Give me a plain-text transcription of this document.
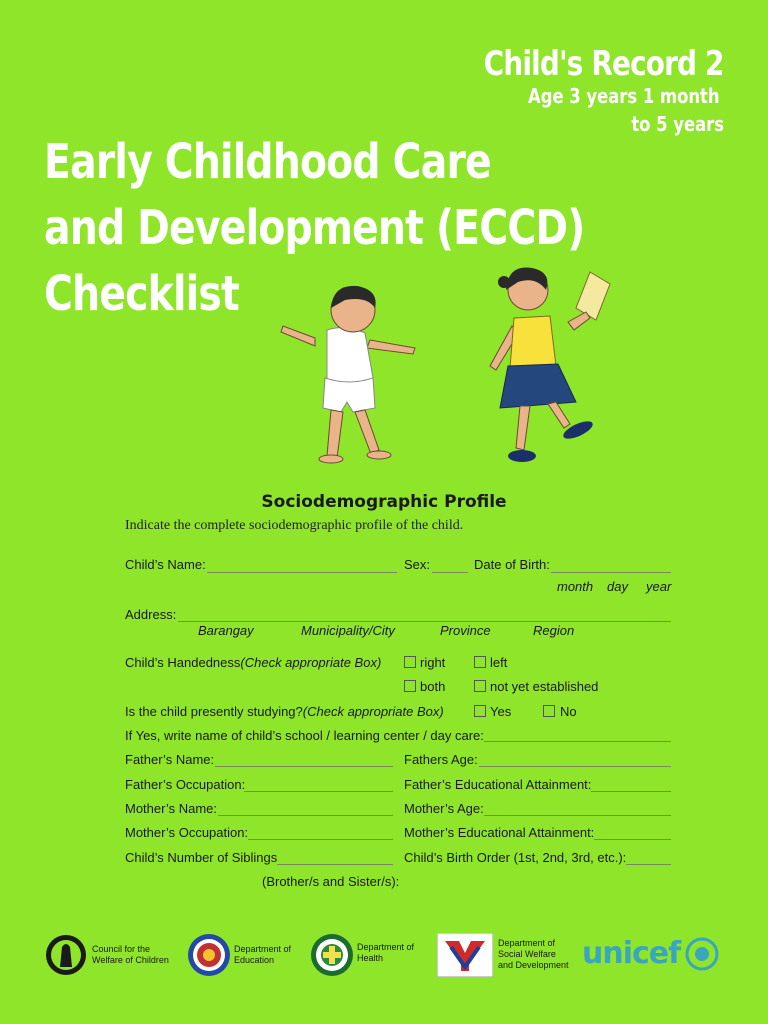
Child's Record 2
Age 3 years 1 month
to 5 years
Early Childhood Care
and Development (ECCD)
Checklist
Sociodemographic Profile
Indicate the complete sociodemographic profile of the child.
Child’s Name:	Sex:	Date of Birth:
month day year
Address:
Barangay	Municipality/City	Province	Region
Child’s Handedness(Check appropriate Box)	right	left
both	not yet established
Is the child presently studying?(Check appropriate Box)	Yes	No
If Yes, write name of child’s school / learning center / day care:
Father’s Name:	Fathers Age:
Father’s Occupation:	Father’s Educational Attainment:
Mother’s Name:	Mother’s Age:
Mother’s Occupation:	Mother’s Educational Attainment:
Child’s Number of Siblings	Child’s Birth Order (1st, 2nd, 3rd, etc.):
(Brother/s and Sister/s):
Council for the
Welfare of Children
Department of
Education
Department of
Health
Department of
Social Welfare
and Development unicef
